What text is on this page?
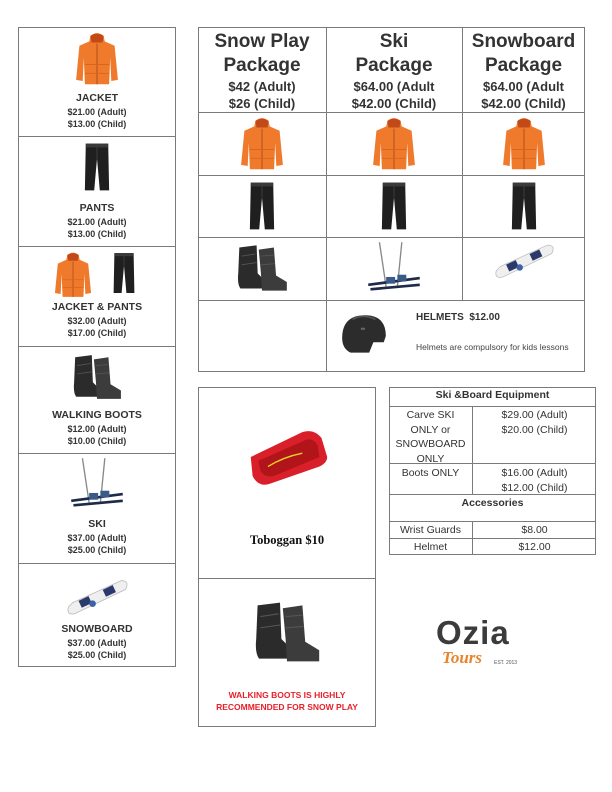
JACKET
$21.00 (Adult)
$13.00 (Child)
PANTS
$21.00 (Adult)
$13.00 (Child)
JACKET & PANTS
$32.00 (Adult)
$17.00 (Child)
WALKING BOOTS
$12.00 (Adult)
$10.00 (Child)
SKI
$37.00 (Adult)
$25.00 (Child)
SNOWBOARD
$37.00 (Adult)
$25.00 (Child)
Snow Play
Package
$42 (Adult)
$26 (Child)
Ski
Package
$64.00 (Adult
$42.00 (Child)
Snowboard
Package
$64.00 (Adult
$42.00 (Child)
HELMETS $12.00
Helmets are compulsory for kids lessons
Toboggan $10
WALKING BOOTS IS HIGHLY
RECOMMENDED FOR SNOW PLAY
Ski &Board Equipment
Carve SKI
ONLY or
SNOWBOARD
ONLY
$29.00 (Adult)
$20.00 (Child)
Boots ONLY	$16.00 (Adult)
$12.00 (Child)
Accessories
Wrist Guards	$8.00
Helmet	$12.00
Ozia
Tours EST. 2013
